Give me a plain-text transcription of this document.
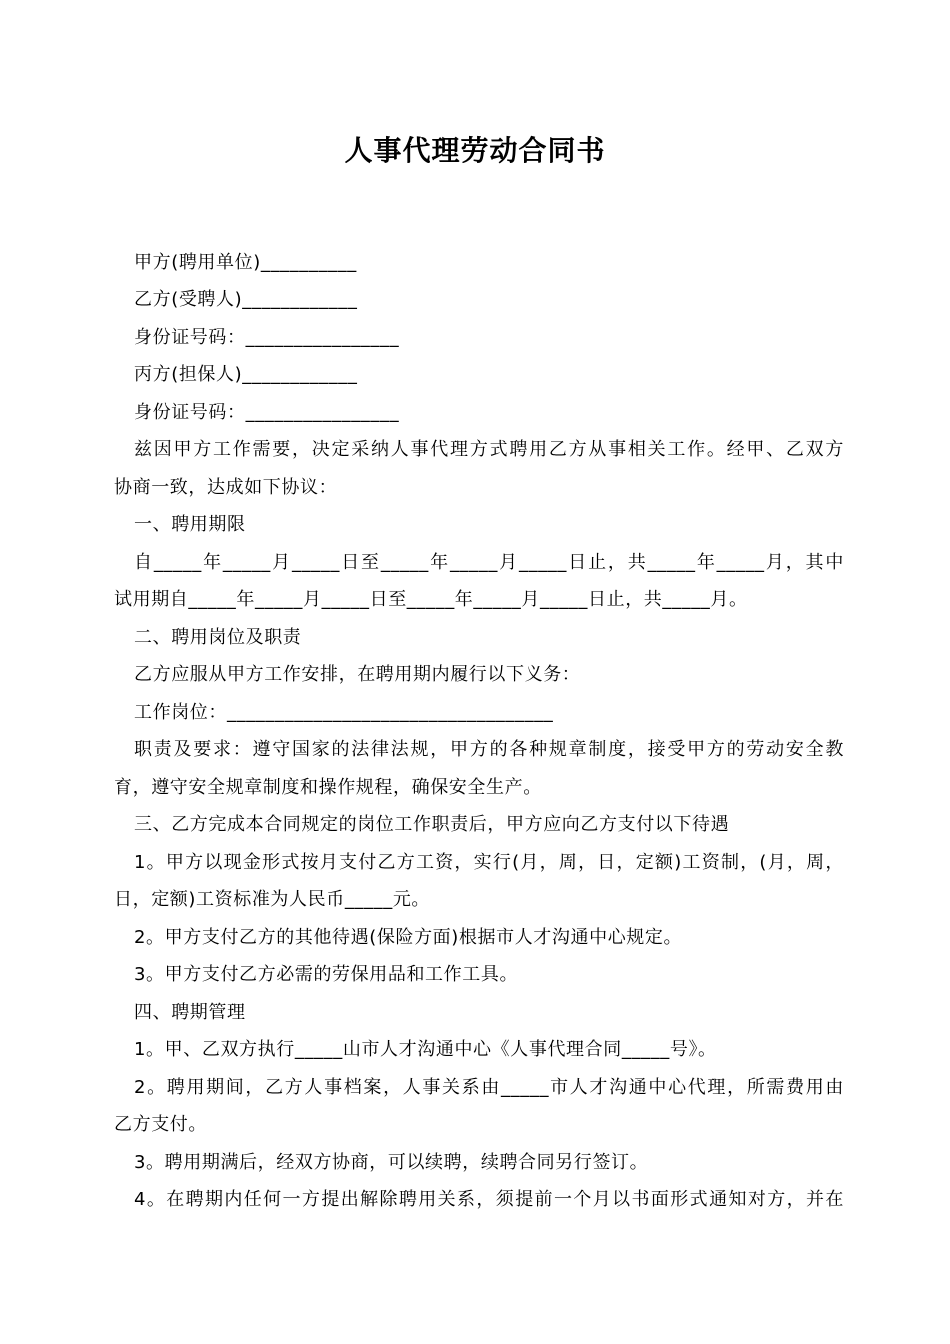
人事代理劳动合同书
甲方(聘用单位)__________
乙方(受聘人)____________
身份证号码：________________
丙方(担保人)____________
身份证号码：________________
兹因甲方工作需要，决定采纳人事代理方式聘用乙方从事相关工作。经甲、乙双方
协商一致，达成如下协议：
一、聘用期限
自_____年_____月_____日至_____年_____月_____日止，共_____年_____月，其中
试用期自_____年_____月_____日至_____年_____月_____日止，共_____月。
二、聘用岗位及职责
乙方应服从甲方工作安排，在聘用期内履行以下义务：
工作岗位：__________________________________
职责及要求：遵守国家的法律法规，甲方的各种规章制度，接受甲方的劳动安全教
育，遵守安全规章制度和操作规程，确保安全生产。
三、乙方完成本合同规定的岗位工作职责后，甲方应向乙方支付以下待遇
1。甲方以现金形式按月支付乙方工资，实行(月，周，日，定额)工资制，(月，周，
日，定额)工资标准为人民币_____元。
2。甲方支付乙方的其他待遇(保险方面)根据市人才沟通中心规定。
3。甲方支付乙方必需的劳保用品和工作工具。
四、聘期管理
1。甲、乙双方执行_____山市人才沟通中心《人事代理合同_____号》。
2。聘用期间，乙方人事档案，人事关系由_____市人才沟通中心代理，所需费用由
乙方支付。
3。聘用期满后，经双方协商，可以续聘，续聘合同另行签订。
4。在聘期内任何一方提出解除聘用关系，须提前一个月以书面形式通知对方，并在
